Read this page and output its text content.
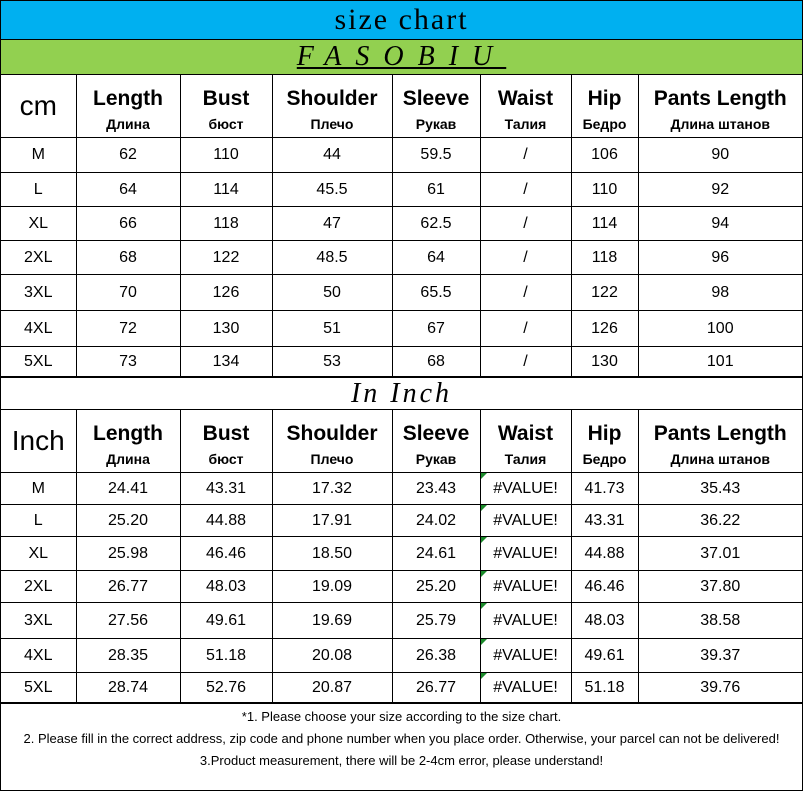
size chart
FASOBIU
cm	Length	Bust	Shoulder	Sleeve	Waist	Hip	Pants Length
	Длина	бюст	Плечо	Рукав	Талия	Бедро	Длина штанов
M	62	110	44	59.5	/	106	90
L	64	114	45.5	61	/	110	92
XL	66	118	47	62.5	/	114	94
2XL	68	122	48.5	64	/	118	96
3XL	70	126	50	65.5	/	122	98
4XL	72	130	51	67	/	126	100
5XL	73	134	53	68	/	130	101
In Inch
Inch	Length	Bust	Shoulder	Sleeve	Waist	Hip	Pants Length
	Длина	бюст	Плечо	Рукав	Талия	Бедро	Длина штанов
M	24.41	43.31	17.32	23.43	#VALUE!	41.73	35.43
L	25.20	44.88	17.91	24.02	#VALUE!	43.31	36.22
XL	25.98	46.46	18.50	24.61	#VALUE!	44.88	37.01
2XL	26.77	48.03	19.09	25.20	#VALUE!	46.46	37.80
3XL	27.56	49.61	19.69	25.79	#VALUE!	48.03	38.58
4XL	28.35	51.18	20.08	26.38	#VALUE!	49.61	39.37
5XL	28.74	52.76	20.87	26.77	#VALUE!	51.18	39.76
*1. Please choose your size according to the size chart.
2. Please fill in the correct address, zip code and phone number when you place order. Otherwise, your parcel can not be delivered!
3.Product measurement, there will be 2-4cm error, please understand!
